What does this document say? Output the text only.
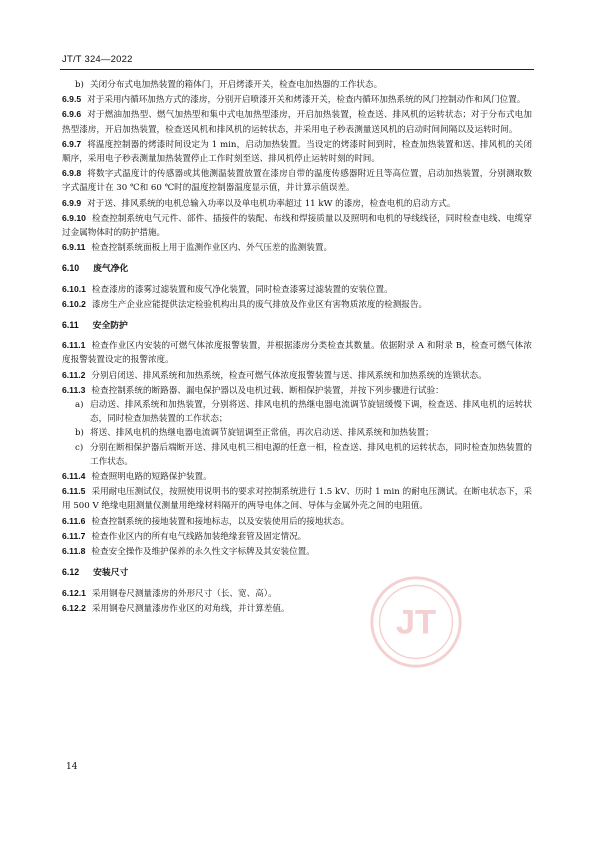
JT/T 324—2022
JT

b) 关闭分布式电加热装置的箱体门，开启烤漆开关，检查电加热器的工作状态。

6.9.5 对于采用内循环加热方式的漆房，分别开启喷漆开关和烤漆开关，检查内循环加热系统的风门控制动作和风门位置。

6.9.6 对于燃油加热型、燃气加热型和集中式电加热型漆房，开启加热装置，检查送、排风机的运转状态；对于分布式电加热型漆房，开启加热装置，检查送风机和排风机的运转状态，并采用电子秒表测量送风机的启动时间间隔以及运转时间。

6.9.7 将温度控制器的烤漆时间设定为 1 min，启动加热装置。当设定的烤漆时间到时，检查加热装置和送、排风机的关闭顺序，采用电子秒表测量加热装置停止工作时刻至送、排风机停止运转时刻的时间。

6.9.8 将数字式温度计的传感器或其他测温装置放置在漆房自带的温度传感器附近且等高位置，启动加热装置，分别测取数字式温度计在 30 ℃和 60 ℃时的温度控制器温度显示值，并计算示值误差。

6.9.9 对于送、排风系统的电机总输入功率以及单电机功率超过 11 kW 的漆房，检查电机的启动方式。

6.9.10 检查控制系统电气元件、部件、插接件的装配、布线和焊接质量以及照明和电机的导线线径，同时检查电线、电缆穿过金属物体时的防护措施。

6.9.11 检查控制系统面板上用于监测作业区内、外气压差的监测装置。

6.10 废气净化

6.10.1 检查漆房的漆雾过滤装置和废气净化装置，同时检查漆雾过滤装置的安装位置。

6.10.2 漆房生产企业应能提供法定检验机构出具的废气排放及作业区有害物质浓度的检测报告。

6.11 安全防护

6.11.1 检查作业区内安装的可燃气体浓度报警装置，并根据漆房分类检查其数量。依据附录 A 和附录 B，检查可燃气体浓度报警装置设定的报警浓度。

6.11.2 分别启闭送、排风系统和加热系统，检查可燃气体浓度报警装置与送、排风系统和加热系统的连锁状态。

6.11.3 检查控制系统的断路器、漏电保护器以及电机过载、断相保护装置，并按下列步骤进行试验：

a) 启动送、排风系统和加热装置，分别将送、排风电机的热继电器电流调节旋钮缓慢下调，检查送、排风电机的运转状态，同时检查加热装置的工作状态；

b) 将送、排风电机的热继电器电流调节旋钮调至正常值，再次启动送、排风系统和加热装置；

c) 分别在断相保护器后端断开送、排风电机三相电源的任意一相，检查送、排风电机的运转状态，同时检查加热装置的工作状态。

6.11.4 检查照明电路的短路保护装置。

6.11.5 采用耐电压测试仪，按照使用说明书的要求对控制系统进行 1.5 kV、历时 1 min 的耐电压测试。在断电状态下，采用 500 V 绝缘电阻测量仪测量用绝缘材料隔开的两导电体之间、导体与金属外壳之间的电阻值。

6.11.6 检查控制系统的接地装置和接地标志，以及安装使用后的接地状态。

6.11.7 检查作业区内的所有电气线路加装绝缘套管及固定情况。

6.11.8 检查安全操作及维护保养的永久性文字标牌及其安装位置。

6.12 安装尺寸

6.12.1 采用钢卷尺测量漆房的外形尺寸（长、宽、高）。

6.12.2 采用钢卷尺测量漆房作业区的对角线，并计算差值。

14
